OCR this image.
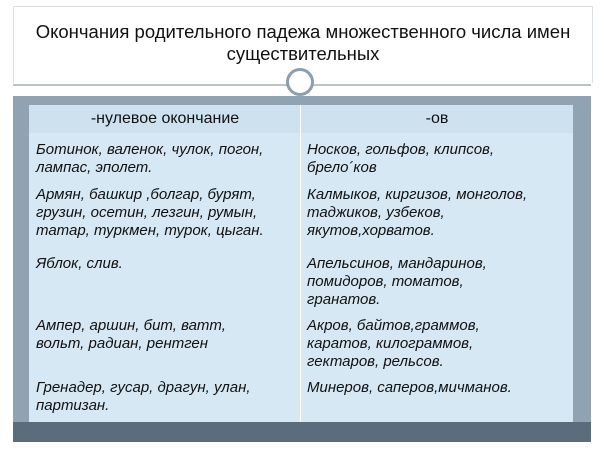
Окончания родительного падежа множественного числа имен
существительных
-нулевое окончание	-ов
Ботинок, валенок, чулок, погон,
лампас, эполет.
Носков, гольфов, клипсов,
брело´ков
Армян, башкир ,болгар, бурят,
грузин, осетин, лезгин, румын,
татар, туркмен, турок, цыган.
Калмыков, киргизов, монголов,
таджиков, узбеков,
якутов,хорватов.
Яблок, слив.	Апельсинов, мандаринов,
помидоров, томатов,
гранатов.
Ампер, аршин, бит, ватт,
вольт, радиан, рентген
Акров, байтов,граммов,
каратов, килограммов,
гектаров, рельсов.
Гренадер, гусар, драгун, улан,
партизан.
Минеров, саперов,мичманов.
